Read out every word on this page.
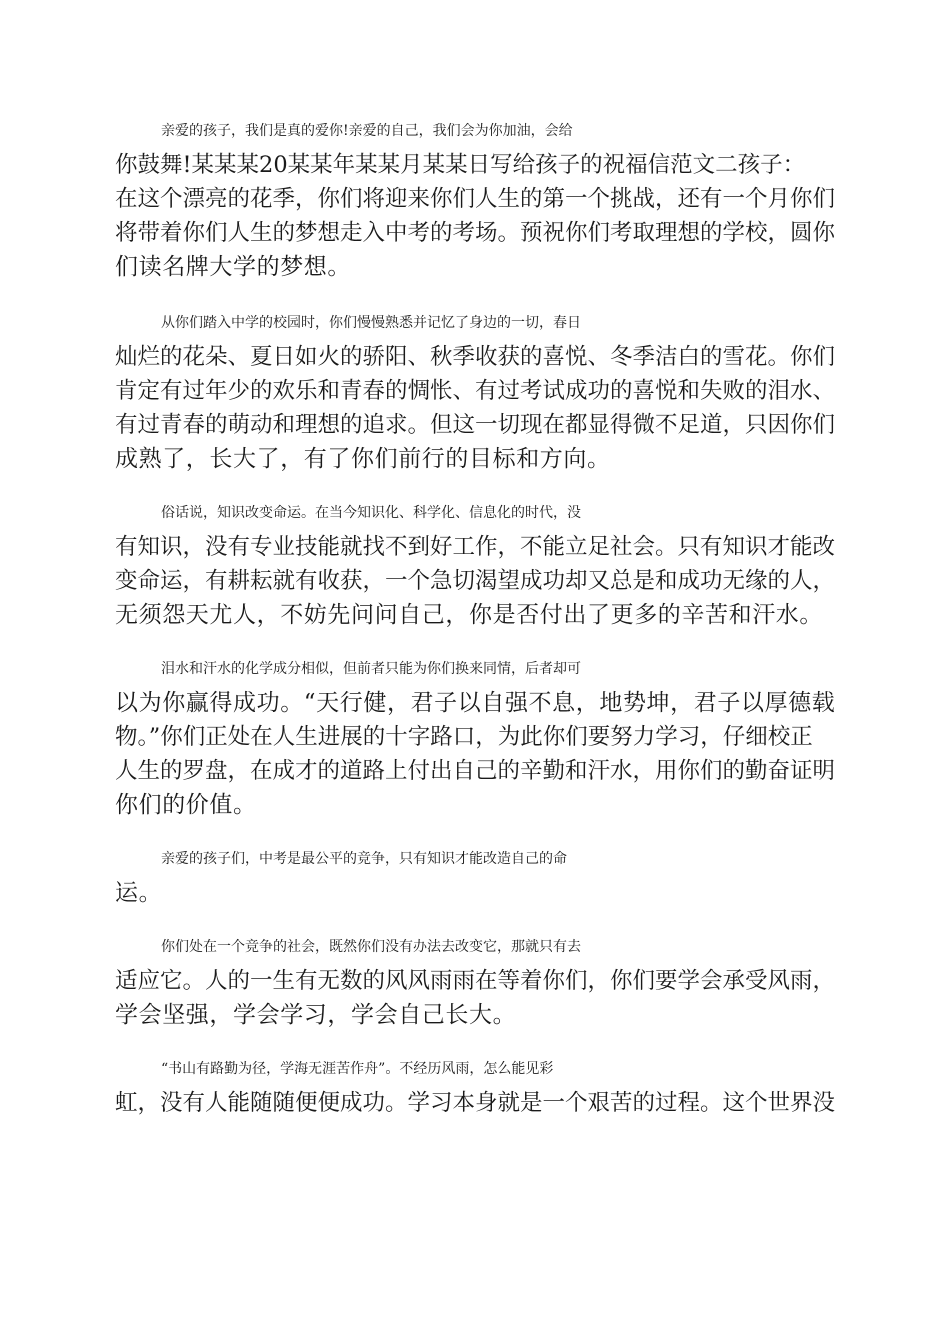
亲爱的孩子，我们是真的爱你!亲爱的自己，我们会为你加油，会给
你鼓舞!某某某20某某年某某月某某日写给孩子的祝福信范文二孩子：
在这个漂亮的花季，你们将迎来你们人生的第一个挑战，还有一个月你们
将带着你们人生的梦想走入中考的考场。预祝你们考取理想的学校，圆你
们读名牌大学的梦想。

从你们踏入中学的校园时，你们慢慢熟悉并记忆了身边的一切，春日
灿烂的花朵、夏日如火的骄阳、秋季收获的喜悦、冬季洁白的雪花。你们
肯定有过年少的欢乐和青春的惆怅、有过考试成功的喜悦和失败的泪水、
有过青春的萌动和理想的追求。但这一切现在都显得微不足道，只因你们
成熟了，长大了，有了你们前行的目标和方向。

俗话说，知识改变命运。在当今知识化、科学化、信息化的时代，没
有知识，没有专业技能就找不到好工作，不能立足社会。只有知识才能改
变命运，有耕耘就有收获，一个急切渴望成功却又总是和成功无缘的人，
无须怨天尤人，不妨先问问自己，你是否付出了更多的辛苦和汗水。

泪水和汗水的化学成分相似，但前者只能为你们换来同情，后者却可
以为你赢得成功。“天行健，君子以自强不息，地势坤，君子以厚德载
物。”你们正处在人生进展的十字路口，为此你们要努力学习，仔细校正
人生的罗盘，在成才的道路上付出自己的辛勤和汗水，用你们的勤奋证明
你们的价值。

亲爱的孩子们，中考是最公平的竞争，只有知识才能改造自己的命
运。

你们处在一个竞争的社会，既然你们没有办法去改变它，那就只有去
适应它。人的一生有无数的风风雨雨在等着你们，你们要学会承受风雨，
学会坚强，学会学习，学会自己长大。

“书山有路勤为径，学海无涯苦作舟”。不经历风雨，怎么能见彩
虹，没有人能随随便便成功。学习本身就是一个艰苦的过程。这个世界没
